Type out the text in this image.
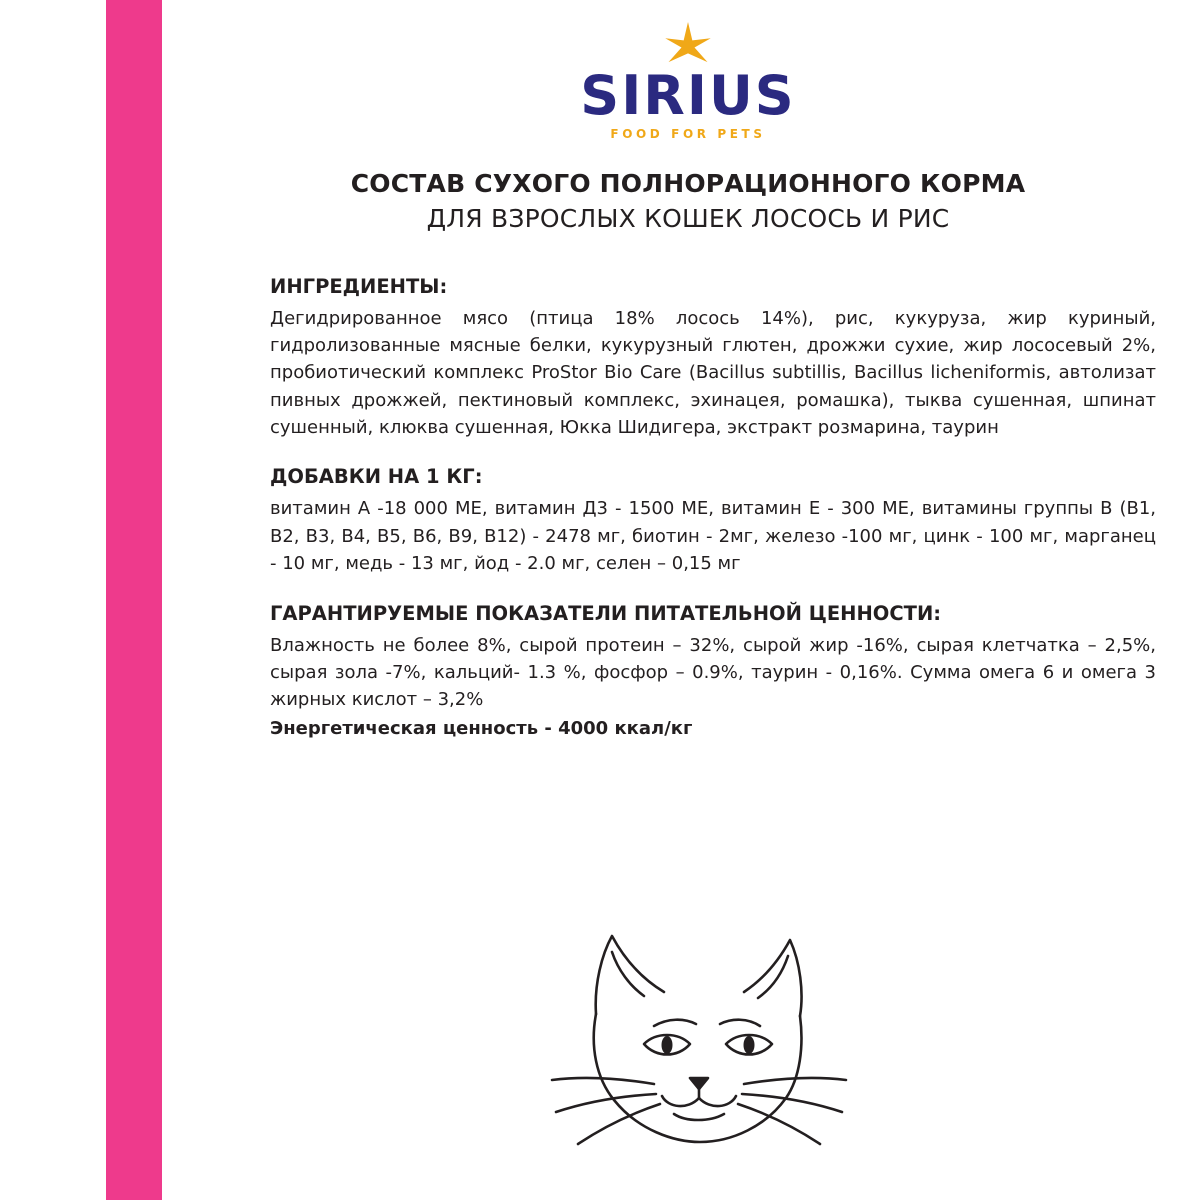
SIRIUS
FOOD FOR PETS
СОСТАВ СУХОГО ПОЛНОРАЦИОННОГО КОРМА
ДЛЯ ВЗРОСЛЫХ КОШЕК ЛОСОСЬ И РИС
ИНГРЕДИЕНТЫ:
Дегидрированное мясо (птица 18% лосось 14%), рис, кукуруза, жир куриный, гидролизованные мясные белки, кукурузный глютен, дрожжи сухие, жир лососевый 2%, пробиотический комплекс ProStor Bio Care (Bacillus subtillis, Bacillus licheniformis, автолизат пивных дрожжей, пектиновый комплекс, эхинацея, ромашка), тыква сушенная, шпинат сушенный, клюква сушенная, Юкка Шидигера, экстракт розмарина, таурин
ДОБАВКИ НА 1 КГ:
витамин А -18 000 МЕ, витамин Д3 - 1500 МЕ, витамин Е - 300 МЕ, витамины группы В (В1, В2, В3, В4, В5, В6, В9, В12) - 2478 мг, биотин - 2мг, железо -100 мг, цинк - 100 мг, марганец - 10 мг, медь - 13 мг, йод - 2.0 мг, селен – 0,15 мг
ГАРАНТИРУЕМЫЕ ПОКАЗАТЕЛИ ПИТАТЕЛЬНОЙ ЦЕННОСТИ:
Влажность не более 8%, сырой протеин – 32%, сырой жир -16%, сырая клетчатка – 2,5%, сырая зола -7%, кальций- 1.3 %, фосфор – 0.9%, таурин - 0,16%. Сумма омега 6 и омега 3 жирных кислот – 3,2%
Энергетическая ценность - 4000 ккал/кг
